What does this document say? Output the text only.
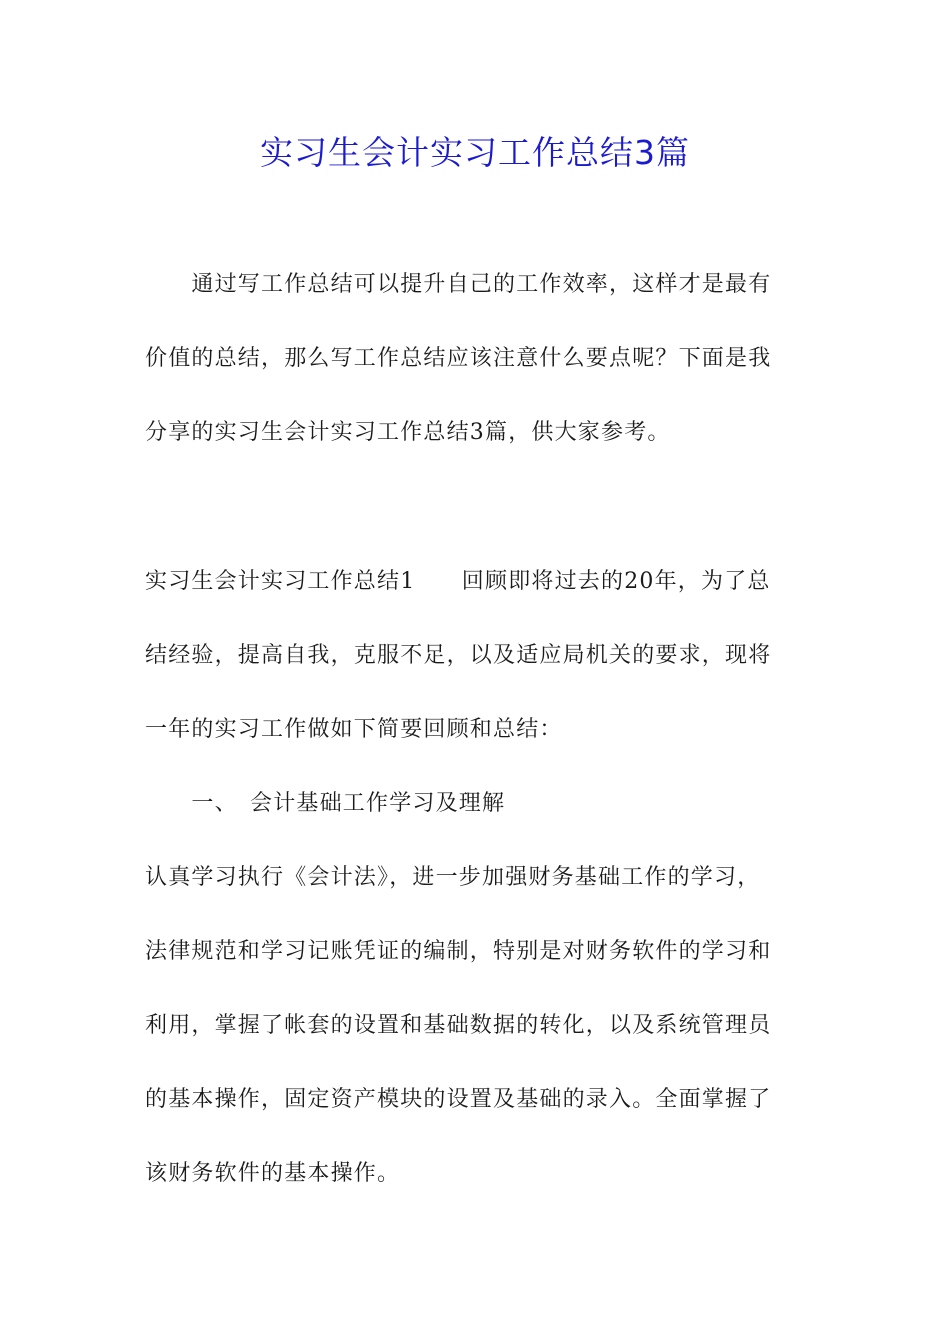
实习生会计实习工作总结3篇
　　通过写工作总结可以提升自己的工作效率，这样才是最有
价值的总结，那么写工作总结应该注意什么要点呢？下面是我
分享的实习生会计实习工作总结3篇，供大家参考。
实习生会计实习工作总结1　　回顾即将过去的20年，为了总
结经验，提高自我，克服不足，以及适应局机关的要求，现将
一年的实习工作做如下简要回顾和总结：
　　一、　会计基础工作学习及理解
认真学习执行《会计法》，进一步加强财务基础工作的学习，
法律规范和学习记账凭证的编制，特别是对财务软件的学习和
利用，掌握了帐套的设置和基础数据的转化，以及系统管理员
的基本操作，固定资产模块的设置及基础的录入。全面掌握了
该财务软件的基本操作。
